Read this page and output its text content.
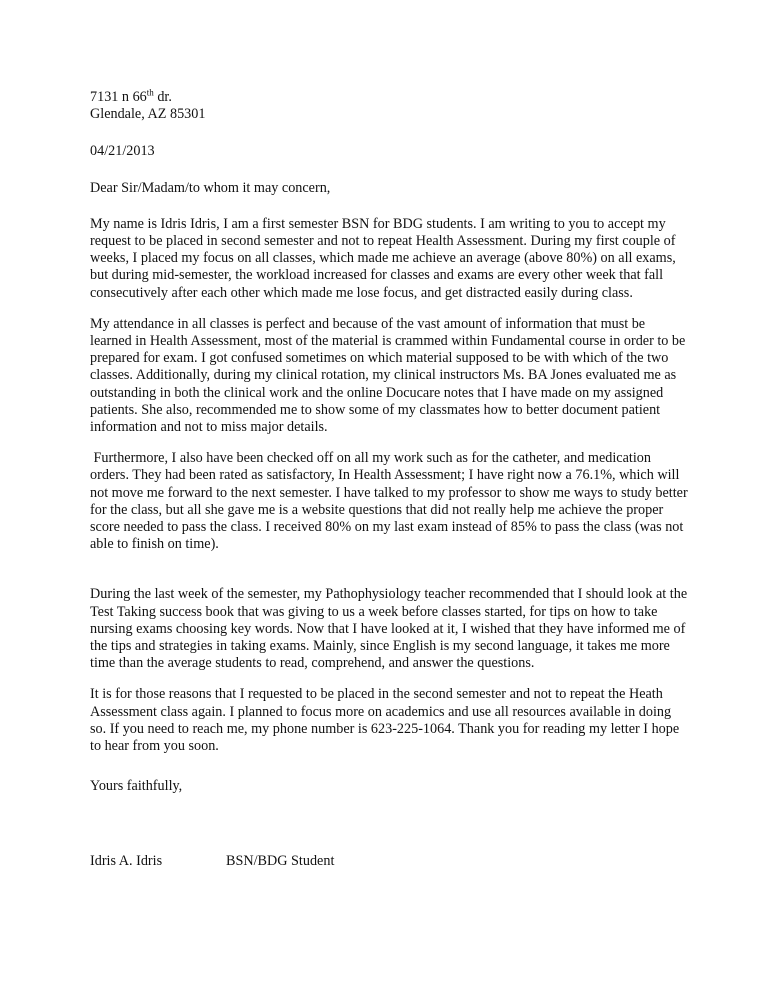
7131 n 66th dr.
Glendale, AZ 85301
04/21/2013
Dear Sir/Madam/to whom it may concern,

My name is Idris Idris, I am a first semester BSN for BDG students. I am writing to you to accept my request to be placed in second semester and not to repeat Health Assessment. During my first couple of weeks, I placed my focus on all classes, which made me achieve an average (above 80%) on all exams, but during mid-semester, the workload increased for classes and exams are every other week that fall consecutively after each other which made me lose focus, and get distracted easily during class.

My attendance in all classes is perfect and because of the vast amount of information that must be learned in Health Assessment, most of the material is crammed within Fundamental course in order to be prepared for exam. I got confused sometimes on which material supposed to be with which of the two classes. Additionally, during my clinical rotation, my clinical instructors Ms. BA Jones evaluated me as outstanding in both the clinical work and the online Docucare notes that I have made on my assigned patients. She also, recommended me to show some of my classmates how to better document patient information and not to miss major details.

Furthermore, I also have been checked off on all my work such as for the catheter, and medication orders. They had been rated as satisfactory, In Health Assessment; I have right now a 76.1%, which will not move me forward to the next semester. I have talked to my professor to show me ways to study better for the class, but all she gave me is a website questions that did not really help me achieve the proper score needed to pass the class. I received 80% on my last exam instead of 85% to pass the class (was not able to finish on time).

During the last week of the semester, my Pathophysiology teacher recommended that I should look at the Test Taking success book that was giving to us a week before classes started, for tips on how to take nursing exams choosing key words. Now that I have looked at it, I wished that they have informed me of the tips and strategies in taking exams. Mainly, since English is my second language, it takes me more time than the average students to read, comprehend, and answer the questions.

It is for those reasons that I requested to be placed in the second semester and not to repeat the Heath Assessment class again. I planned to focus more on academics and use all resources available in doing so. If you need to reach me, my phone number is 623-225-1064. Thank you for reading my letter I hope to hear from you soon.

Yours faithfully,
Idris A. Idris	BSN/BDG Student
